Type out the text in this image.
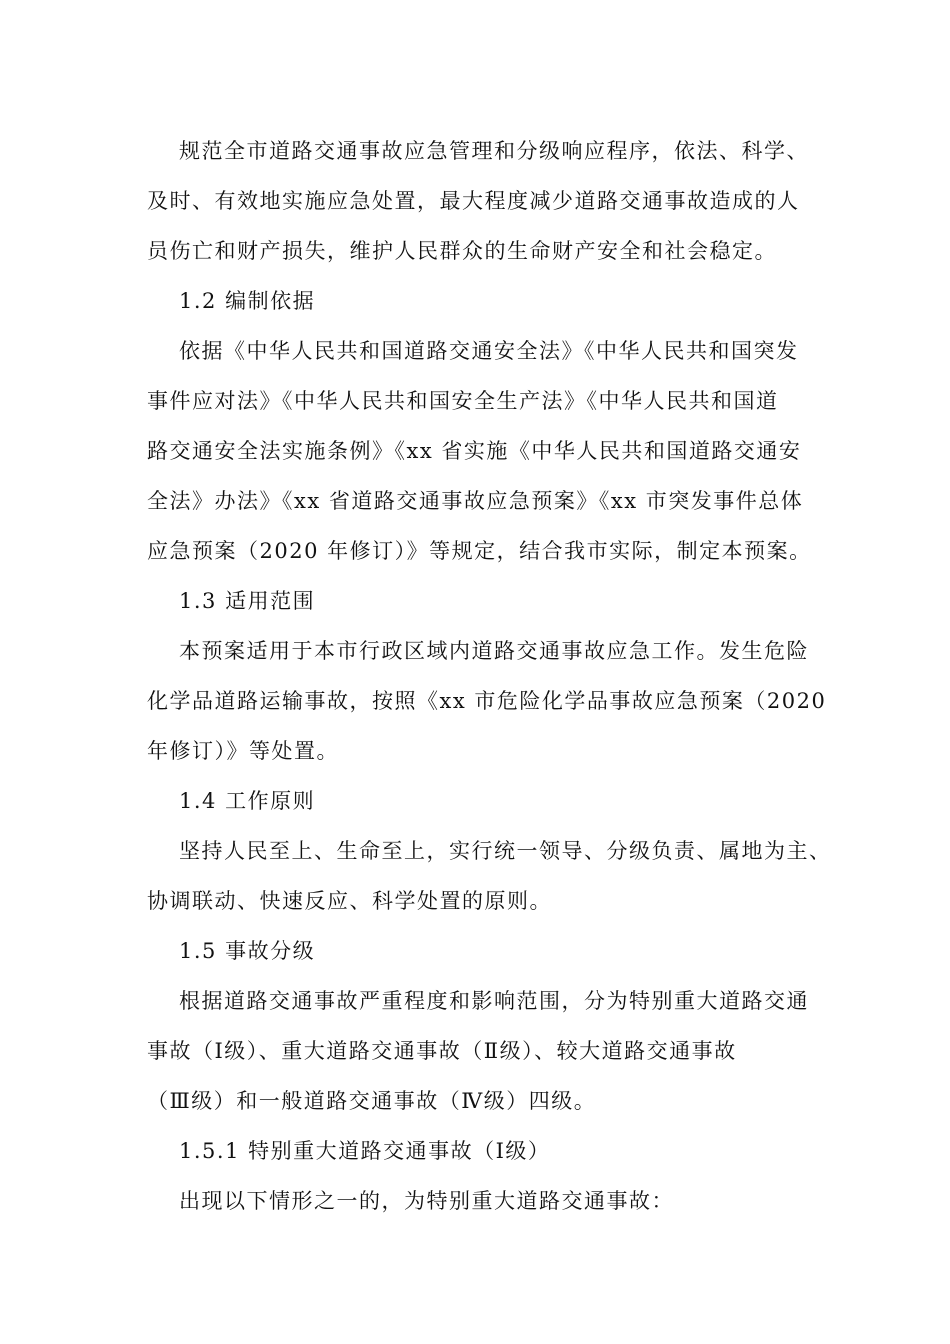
规范全市道路交通事故应急管理和分级响应程序，依法、科学、
及时、有效地实施应急处置，最大程度减少道路交通事故造成的人
员伤亡和财产损失，维护人民群众的生命财产安全和社会稳定。
1.2 编制依据
依据《中华人民共和国道路交通安全法》《中华人民共和国突发
事件应对法》《中华人民共和国安全生产法》《中华人民共和国道
路交通安全法实施条例》《xx 省实施《中华人民共和国道路交通安
全法》办法》《xx 省道路交通事故应急预案》《xx 市突发事件总体
应急预案（2020 年修订）》等规定，结合我市实际，制定本预案。
1.3 适用范围
本预案适用于本市行政区域内道路交通事故应急工作。发生危险
化学品道路运输事故，按照《xx 市危险化学品事故应急预案（2020
年修订）》等处置。
1.4 工作原则
坚持人民至上、生命至上，实行统一领导、分级负责、属地为主、
协调联动、快速反应、科学处置的原则。
1.5 事故分级
根据道路交通事故严重程度和影响范围，分为特别重大道路交通
事故（Ⅰ级）、重大道路交通事故（Ⅱ级）、较大道路交通事故
（Ⅲ级）和一般道路交通事故（Ⅳ级）四级。
1.5.1 特别重大道路交通事故（Ⅰ级）
出现以下情形之一的，为特别重大道路交通事故：
